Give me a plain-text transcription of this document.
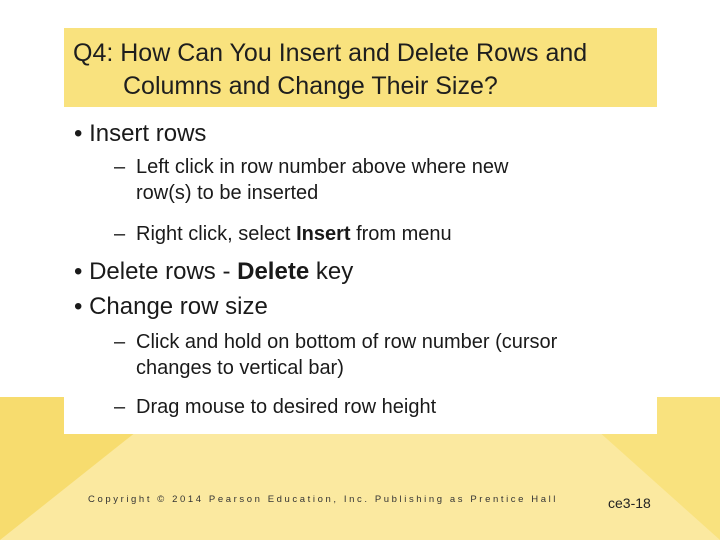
Q4: How Can You Insert and Delete Rows and
Columns and Change Their Size?
• Insert rows
– Left click in row number above where new
row(s) to be inserted
– Right click, select Insert from menu
• Delete rows - Delete key
• Change row size
– Click and hold on bottom of row number (cursor
changes to vertical bar)
– Drag mouse to desired row height
Copyright © 2014 Pearson Education, Inc. Publishing as Prentice Hall	ce3-18
